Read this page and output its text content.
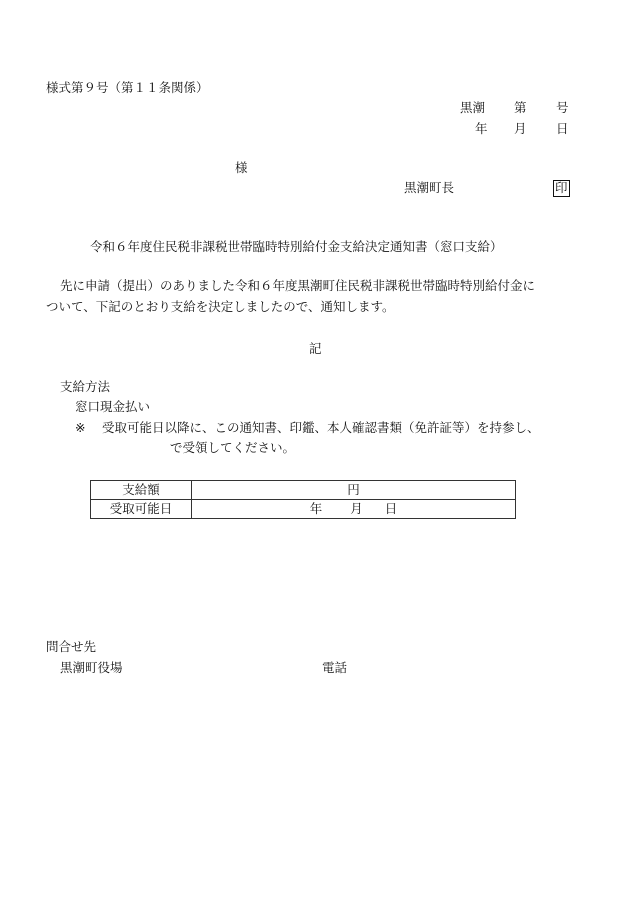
様式第９号（第１１条関係）
黒潮 第 号
年 月 日
様
黒潮町長	印
令和６年度住民税非課税世帯臨時特別給付金支給決定通知書（窓口支給）
先に申請（提出）のありました令和６年度黒潮町住民税非課税世帯臨時特別給付金に
ついて、下記のとおり支給を決定しましたので、通知します。
記
支給方法
窓口現金払い
※ 受取可能日以降に、この通知書、印鑑、本人確認書類（免許証等）を持参し、
で受領してください。
支給額	円
受取可能日	年 月 日
問合せ先
黒潮町役場	電話
